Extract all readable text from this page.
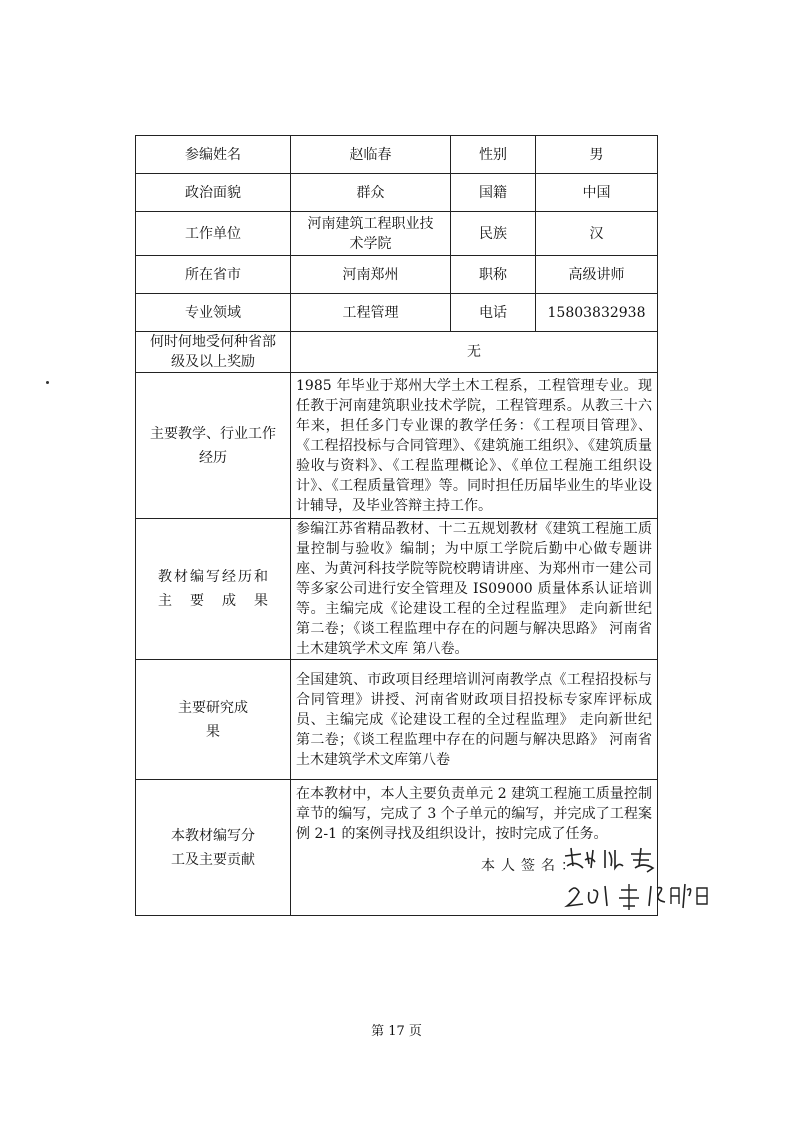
参编姓名	赵临春	性别	男
政治面貌	群众	国籍	中国
工作单位	河南建筑工程职业技术学院	民族	汉
所在省市	河南郑州	职称	高级讲师
专业领域	工程管理	电话	15803832938
何时何地受何种省部级及以上奖励	无		
主要教学、行业工作经历	1985 年毕业于郑州大学土木工程系，工程管理专业。现任教于河南建筑职业技术学院，工程管理系。从教三十六年来，担任多门专业课的教学任务：《工程项目管理》、《工程招投标与合同管理》、《建筑施工组织》、《建筑质量验收与资料》、《工程监理概论》、《单位工程施工组织设计》、《工程质量管理》等。同时担任历届毕业生的毕业设计辅导，及毕业答辩主持工作。		
教材编写经历和主要成果	参编江苏省精品教材、十二五规划教材《建筑工程施工质量控制与验收》编制；为中原工学院后勤中心做专题讲座、为黄河科技学院等院校聘请讲座、为郑州市一建公司等多家公司进行安全管理及 IS09000 质量体系认证培训等。主编完成《论建设工程的全过程监理》 走向新世纪 第二卷；《谈工程监理中存在的问题与解决思路》 河南省土木建筑学术文库 第八卷。		
主要研究成果	全国建筑、市政项目经理培训河南教学点《工程招投标与合同管理》讲授、河南省财政项目招投标专家库评标成员、主编完成《论建设工程的全过程监理》 走向新世纪 第二卷；《谈工程监理中存在的问题与解决思路》 河南省土木建筑学术文库第八卷		
本教材编写分工及主要贡献	在本教材中，本人主要负责单元 2 建筑工程施工质量控制章节的编写，完成了 3 个子单元的编写，并完成了工程案例 2-1 的案例寻找及组织设计，按时完成了任务。
本人签名：		
第 17 页
